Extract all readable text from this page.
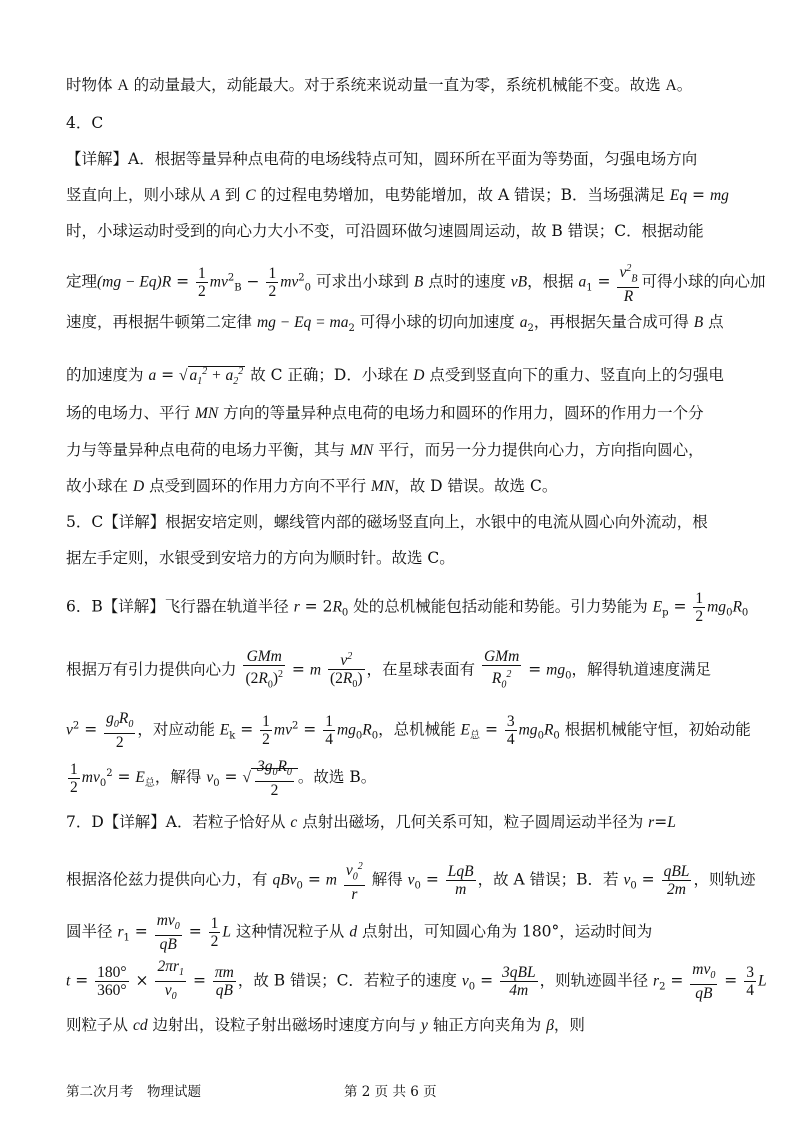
时物体 A 的动量最大，动能最大。对于系统来说动量一直为零，系统机械能不变。故选 A。
4．C
【详解】A．根据等量异种点电荷的电场线特点可知，圆环所在平面为等势面，匀强电场方向
竖直向上，则小球从 A 到 C 的过程电势增加，电势能增加，故 A 错误；B．当场强满足 Eq = mg
时，小球运动时受到的向心力大小不变，可沿圆环做匀速圆周运动，故 B 错误；C．根据动能
定理$(mg - Eq)R = \frac{1}{2} mv^2_B - \frac{1}{2} mv^2_0$ 可求出小球到 B 点时的速度 vB，根据 $a_1 = \frac{v^2_B}{R}$ 可得小球的向心加
速度，再根据牛顿第二定律 mg − $Eq = ma_2$ 可得小球的切向加速度 $a_2$，再根据矢量合成可得 B 点
的加速度为 a = √ $a_1^2 + a_2^2$ 故 C 正确；D．小球在 D 点受到竖直向下的重力、竖直向上的匀强电
场的电场力、平行 MN 方向的等量异种点电荷的电场力和圆环的作用力，圆环的作用力一个分
力与等量异种点电荷的电场力平衡，其与 MN 平行，而另一分力提供向心力，方向指向圆心，
故小球在 D 点受到圆环的作用力方向不平行 MN，故 D 错误。故选 C。
5．C【详解】根据安培定则，螺线管内部的磁场竖直向上，水银中的电流从圆心向外流动，根
据左手定则，水银受到安培力的方向为顺时针。故选 C。
6．B【详解】飞行器在轨道半径 $r = 2R_0$ 处的总机械能包括动能和势能。引力势能为 $E_p = \frac{1}{2} mg_0R_0$
根据万有引力提供向心力 $\frac{\text{GMm}}{(2R_0)^2} = m \frac{v^2}{(2R_0)}$ ，在星球表面有 $\frac{\text{GMm}}{R_0^2} = mg_0$，解得轨道速度满足
$v^2 = \frac{g_0R_0}{2}$ ，对应动能 $E_k = \frac{1}{2} mv^2 = \frac{1}{4} mg_0R_0$，总机械能 $E_总 = \frac{3}{4} mg_0R_0$ 根据机械能守恒，初始动能
$\frac{1}{2} mv_0^2 = E_总$，解得 $v_0$ = √ $\frac{3g_0R_0}{2}$ 。故选 B。
7．D【详解】A．若粒子恰好从 c 点射出磁场，几何关系可知，粒子圆周运动半径为 r=L
根据洛伦兹力提供向心力，有 qBv$_0$ = m $\frac{v_0^2}{r}$ 解得 $v_0 = \frac{\text{LqB}}{m}$ ，故 A 错误；B．若 $v_0 = \frac{\text{qBL}}{2m}$ ，则轨迹
圆半径 $r_1 = \frac{mv_0}{qB} = \frac{1}{2}$ L 这种情况粒子从 d 点射出，可知圆心角为 180°，运动时间为
$t = \frac{180^\circ}{360^\circ} \times \frac{2\pi r_1}{v_0} = \frac{\pi m}{qB}$ ，故 B 错误；C．若粒子的速度 $v_0 = \frac{\text{3qBL}}{4m}$ ，则轨迹圆半径 $r_2 = \frac{mv_0}{qB} = \frac{3}{4}$ L
则粒子从 cd 边射出，设粒子射出磁场时速度方向与 y 轴正方向夹角为 β，则
第二次月考　物理试题	第 2 页 共 6 页
